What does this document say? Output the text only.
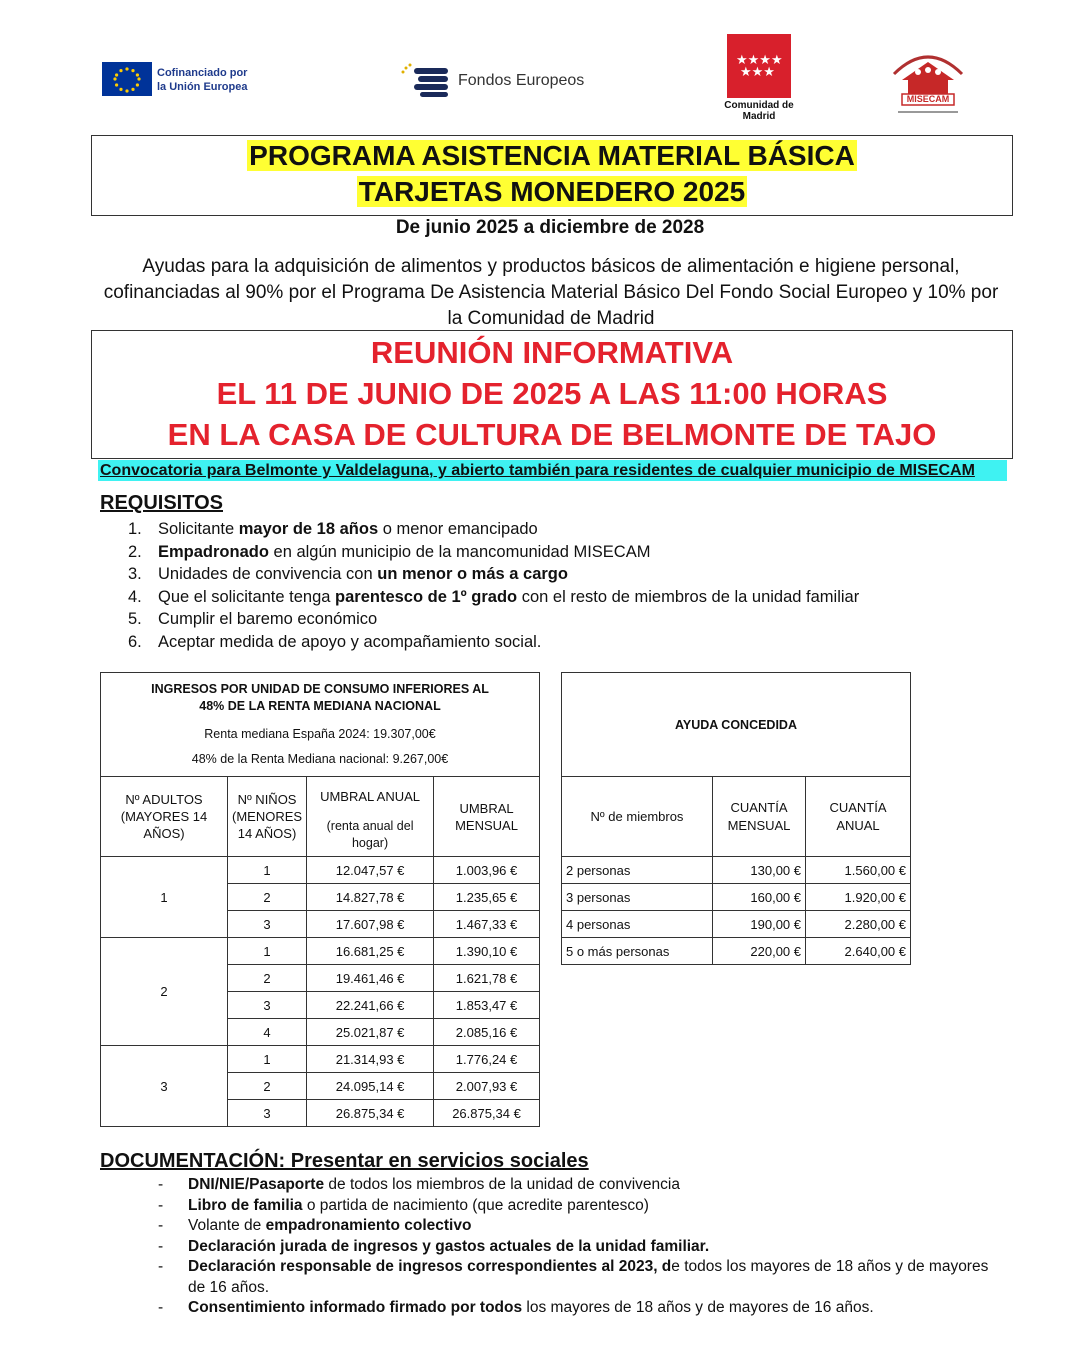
Cofinanciado por la Unión Europea	Fondos Europeos
★★★★
★★★
Comunidad de Madrid
MISECAM
PROGRAMA ASISTENCIA MATERIAL BÁSICA
TARJETAS MONEDERO 2025
De junio 2025 a diciembre de 2028
Ayudas para la adquisición de alimentos y productos básicos de alimentación e higiene personal, cofinanciadas al 90% por el Programa De Asistencia Material Básico Del Fondo Social Europeo y 10% por la Comunidad de Madrid
REUNIÓN INFORMATIVA
EL 11 DE JUNIO DE 2025 A LAS 11:00 HORAS
EN LA CASA DE CULTURA DE BELMONTE DE TAJO
Convocatoria para Belmonte y Valdelaguna, y abierto también para residentes de cualquier municipio de MISECAM
REQUISITOS
1. Solicitante mayor de 18 años o menor emancipado
2. Empadronado en algún municipio de la mancomunidad MISECAM
3. Unidades de convivencia con un menor o más a cargo
4. Que el solicitante tenga parentesco de 1º grado con el resto de miembros de la unidad familiar
5. Cumplir el baremo económico
6. Aceptar medida de apoyo y acompañamiento social.
INGRESOS POR UNIDAD DE CONSUMO INFERIORES AL 48% DE LA RENTA MEDIANA NACIONAL
Renta mediana España 2024: 19.307,00€
48% de la Renta Mediana nacional: 9.267,00€			

Nº ADULTOS (MAYORES 14 AÑOS)	Nº NIÑOS (MENORES 14 AÑOS)	UMBRAL ANUAL
(renta anual del hogar)	UMBRAL MENSUAL
1	1	12.047,57 €	1.003,96 €
	2	14.827,78 €	1.235,65 €
	3	17.607,98 €	1.467,33 €
2	1	16.681,25 €	1.390,10 €
	2	19.461,46 €	1.621,78 €
	3	22.241,66 €	1.853,47 €
	4	25.021,87 €	2.085,16 €
3	1	21.314,93 €	1.776,24 €
	2	24.095,14 €	2.007,93 €
	3	26.875,34 €	26.875,34 €
AYUDA CONCEDIDA		
Nº de miembros	CUANTÍA MENSUAL	CUANTÍA ANUAL
2 personas	130,00 €	1.560,00 €
3 personas	160,00 €	1.920,00 €
4 personas	190,00 €	2.280,00 €
5 o más personas	220,00 €	2.640,00 €
DOCUMENTACIÓN: Presentar en servicios sociales
- DNI/NIE/Pasaporte de todos los miembros de la unidad de convivencia
- Libro de familia o partida de nacimiento (que acredite parentesco)
- Volante de empadronamiento colectivo
- Declaración jurada de ingresos y gastos actuales de la unidad familiar.
- Declaración responsable de ingresos correspondientes al 2023, de todos los mayores de 18 años y de mayores de 16 años.
- Consentimiento informado firmado por todos los mayores de 18 años y de mayores de 16 años.
